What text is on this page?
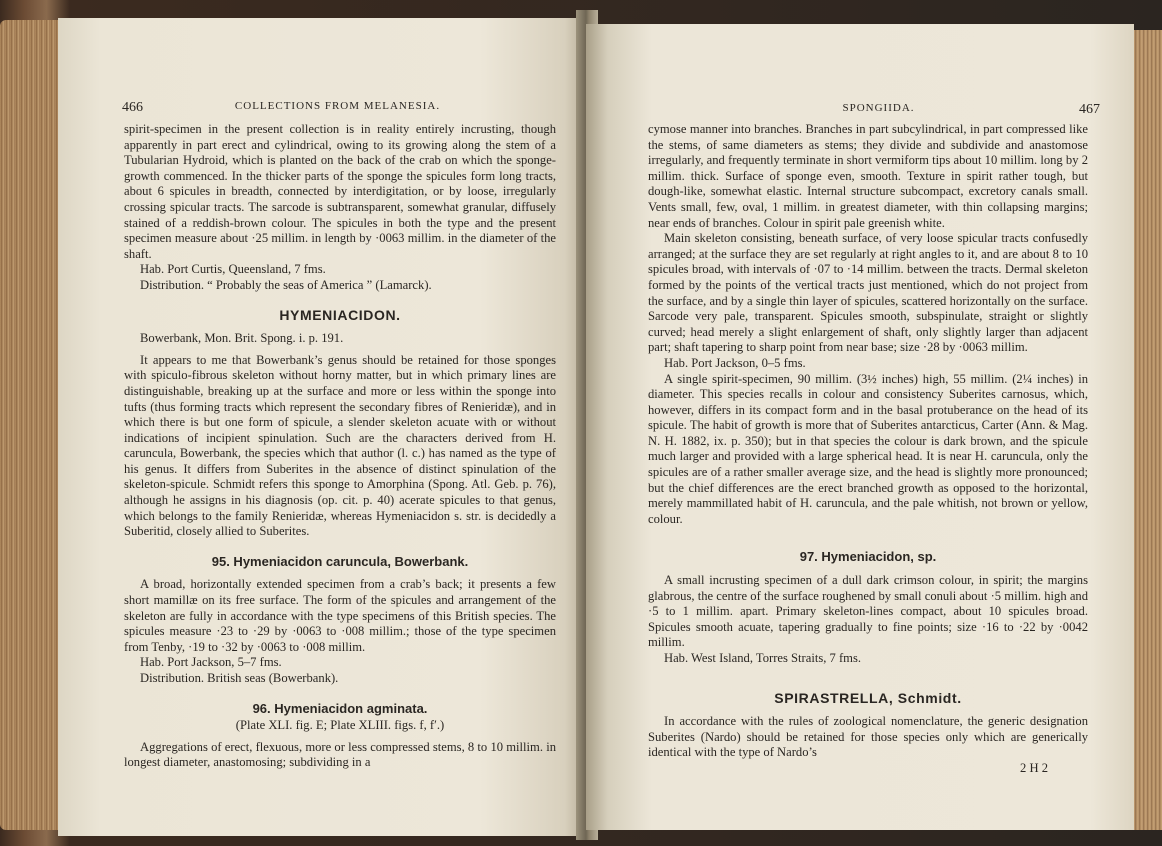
466	COLLECTIONS FROM MELANESIA.

spirit-specimen in the present collection is in reality entirely incrusting, though apparently in part erect and cylindrical, owing to its growing along the stem of a Tubularian Hydroid, which is planted on the back of the crab on which the sponge-growth commenced. In the thicker parts of the sponge the spicules form long tracts, about 6 spicules in breadth, connected by interdigitation, or by loose, irregularly crossing spicular tracts. The sarcode is subtransparent, somewhat granular, diffusely stained of a reddish-brown colour. The spicules in both the type and the present specimen measure about ·25 millim. in length by ·0063 millim. in the diameter of the shaft.

Hab. Port Curtis, Queensland, 7 fms.

Distribution. “ Probably the seas of America ” (Lamarck).

HYMENIACIDON.

Bowerbank, Mon. Brit. Spong. i. p. 191.

It appears to me that Bowerbank’s genus should be retained for those sponges with spiculo-fibrous skeleton without horny matter, but in which primary lines are distinguishable, breaking up at the surface and more or less within the sponge into tufts (thus forming tracts which represent the secondary fibres of Renieridæ), and in which there is but one form of spicule, a slender skeleton acuate with or without indications of incipient spinulation. Such are the characters derived from H. caruncula, Bowerbank, the species which that author (l. c.) has named as the type of his genus. It differs from Suberites in the absence of distinct spinulation of the skeleton-spicule. Schmidt refers this sponge to Amorphina (Spong. Atl. Geb. p. 76), although he assigns in his diagnosis (op. cit. p. 40) acerate spicules to that genus, which belongs to the family Renieridæ, whereas Hymeniacidon s. str. is decidedly a Suberitid, closely allied to Suberites.

95. Hymeniacidon caruncula, Bowerbank.

A broad, horizontally extended specimen from a crab’s back; it presents a few short mamillæ on its free surface. The form of the spicules and arrangement of the skeleton are fully in accordance with the type specimens of this British species. The spicules measure ·23 to ·29 by ·0063 to ·008 millim.; those of the type specimen from Tenby, ·19 to ·32 by ·0063 to ·008 millim.

Hab. Port Jackson, 5–7 fms.

Distribution. British seas (Bowerbank).

96. Hymeniacidon agminata.
(Plate XLI. fig. E; Plate XLIII. figs. f, f′.)

Aggregations of erect, flexuous, more or less compressed stems, 8 to 10 millim. in longest diameter, anastomosing; subdividing in a

SPONGIIDA.	467

cymose manner into branches. Branches in part subcylindrical, in part compressed like the stems, of same diameters as stems; they divide and subdivide and anastomose irregularly, and frequently terminate in short vermiform tips about 10 millim. long by 2 millim. thick. Surface of sponge even, smooth. Texture in spirit rather tough, but dough-like, somewhat elastic. Internal structure subcompact, excretory canals small. Vents small, few, oval, 1 millim. in greatest diameter, with thin collapsing margins; near ends of branches. Colour in spirit pale greenish white.

Main skeleton consisting, beneath surface, of very loose spicular tracts confusedly arranged; at the surface they are set regularly at right angles to it, and are about 8 to 10 spicules broad, with intervals of ·07 to ·14 millim. between the tracts. Dermal skeleton formed by the points of the vertical tracts just mentioned, which do not project from the surface, and by a single thin layer of spicules, scattered horizontally on the surface. Sarcode very pale, transparent. Spicules smooth, subspinulate, straight or slightly curved; head merely a slight enlargement of shaft, only slightly larger than adjacent part; shaft tapering to sharp point from near base; size ·28 by ·0063 millim.

Hab. Port Jackson, 0–5 fms.

A single spirit-specimen, 90 millim. (3½ inches) high, 55 millim. (2¼ inches) in diameter. This species recalls in colour and consistency Suberites carnosus, which, however, differs in its compact form and in the basal protuberance on the head of its spicule. The habit of growth is more that of Suberites antarcticus, Carter (Ann. & Mag. N. H. 1882, ix. p. 350); but in that species the colour is dark brown, and the spicule much larger and provided with a large spherical head. It is near H. caruncula, only the spicules are of a rather smaller average size, and the head is slightly more pronounced; but the chief differences are the erect branched growth as opposed to the horizontal, merely mammillated habit of H. caruncula, and the pale whitish, not brown or yellow, colour.

97. Hymeniacidon, sp.

A small incrusting specimen of a dull dark crimson colour, in spirit; the margins glabrous, the centre of the surface roughened by small conuli about ·5 millim. high and ·5 to 1 millim. apart. Primary skeleton-lines compact, about 10 spicules broad. Spicules smooth acuate, tapering gradually to fine points; size ·16 to ·22 by ·0042 millim.

Hab. West Island, Torres Straits, 7 fms.

SPIRASTRELLA, Schmidt.

In accordance with the rules of zoological nomenclature, the generic designation Suberites (Nardo) should be retained for those species only which are generically identical with the type of Nardo’s

2 H 2
